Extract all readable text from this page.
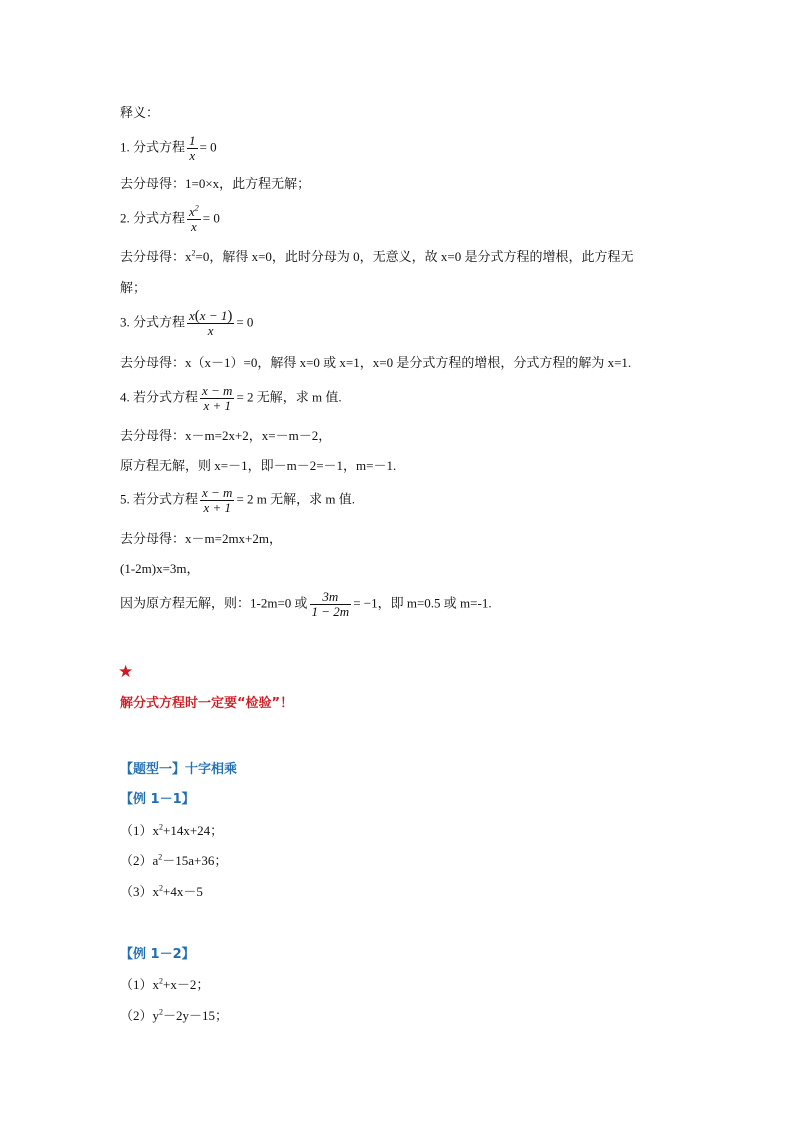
释义：
1. 分式方程 $\frac{1}{x} = 0$
去分母得：1=0×x，此方程无解；
2. 分式方程 $\frac{x^2}{x} = 0$
去分母得：$x^2=0$，解得 x=0，此时分母为 0，无意义，故 x=0 是分式方程的增根，此方程无
解；
3. 分式方程 $\frac{x(x - 1)}{x} = 0$
去分母得：x（x－1）=0，解得 x=0 或 x=1，x=0 是分式方程的增根，分式方程的解为 x=1.
4. 若分式方程 $\frac{x - m}{x + 1} = 2$ 无解，求 m 值.
去分母得：x－m=2x+2，x=－m－2，
原方程无解，则 x=－1，即－m－2=－1，m=－1.
5. 若分式方程 $\frac{x - m}{x + 1} = 2$ m 无解，求 m 值.
去分母得：x－m=2mx+2m，
(1-2m)x=3m，
因为原方程无解，则：1-2m=0 或 $\frac{3m}{1 - 2m} = -1$，即 m=0.5 或 m=-1.
★
解分式方程时一定要“检验”！
【题型一】十字相乘
【例 1－1】
$(1)x^2+14x+24$；
$(2)a^2-15a+36$；
$(3)x^2+4x-5$
【例 1－2】
$(1)x^2+x-2$；
$(2)y^2-2y-15$；
